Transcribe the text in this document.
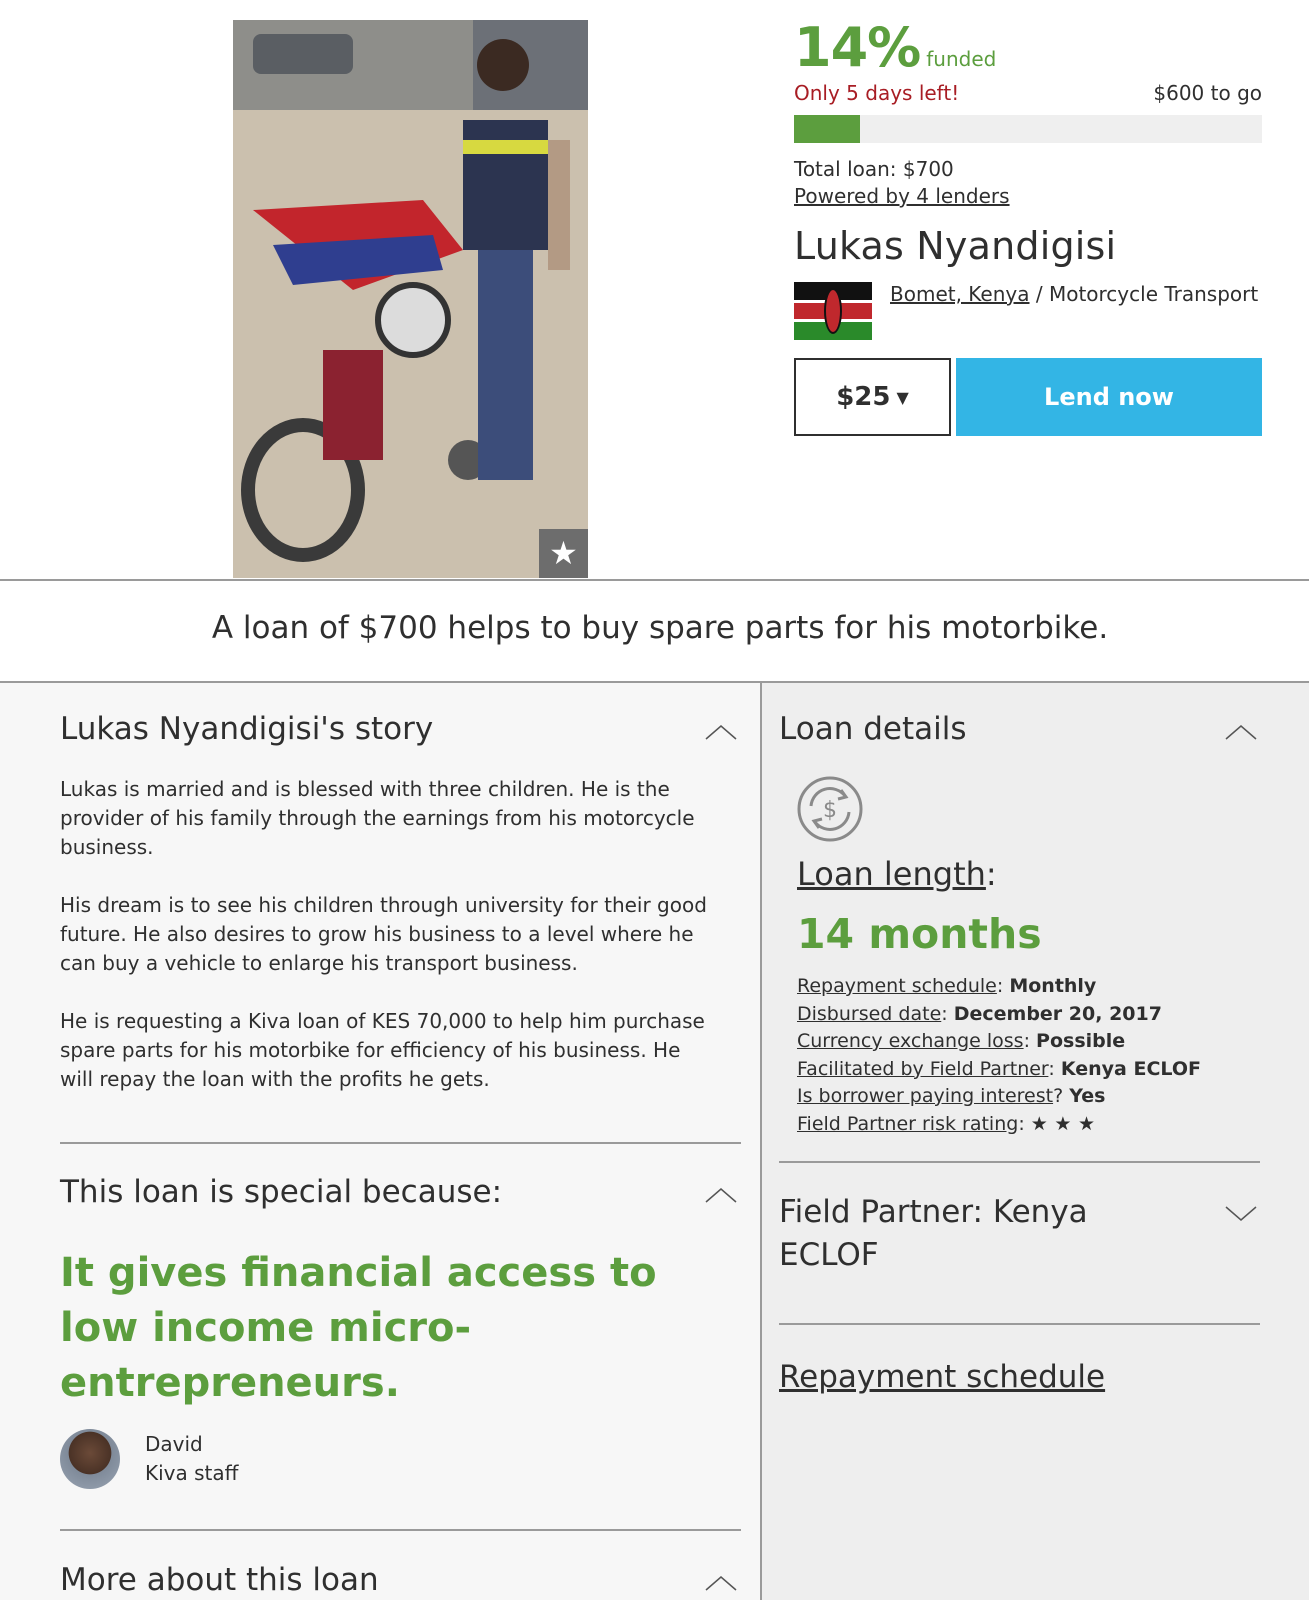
★
14% funded
Only 5 days left!	$600 to go
Total loan: $700
Powered by 4 lenders
Lukas Nyandigisi
Bomet, Kenya / Motorcycle Transport
$25 ▼	Lend now
A loan of $700 helps to buy spare parts for his motorbike.
Lukas Nyandigisi's story

Lukas is married and is blessed with three children. He is the provider of his family through the earnings from his motorcycle business.

His dream is to see his children through university for their good future. He also desires to grow his business to a level where he can buy a vehicle to enlarge his transport business.

He is requesting a Kiva loan of KES 70,000 to help him purchase spare parts for his motorbike for efficiency of his business. He will repay the loan with the profits he gets.

This loan is special because:
It gives financial access to low income micro-entrepreneurs.
David
Kiva staff
More about this loan
Loan details
$
Loan length:
14 months
Repayment schedule: Monthly
Disbursed date: December 20, 2017
Currency exchange loss: Possible
Facilitated by Field Partner: Kenya ECLOF
Is borrower paying interest? Yes
Field Partner risk rating: ★ ★ ★
Field Partner: Kenya ECLOF
Repayment schedule
